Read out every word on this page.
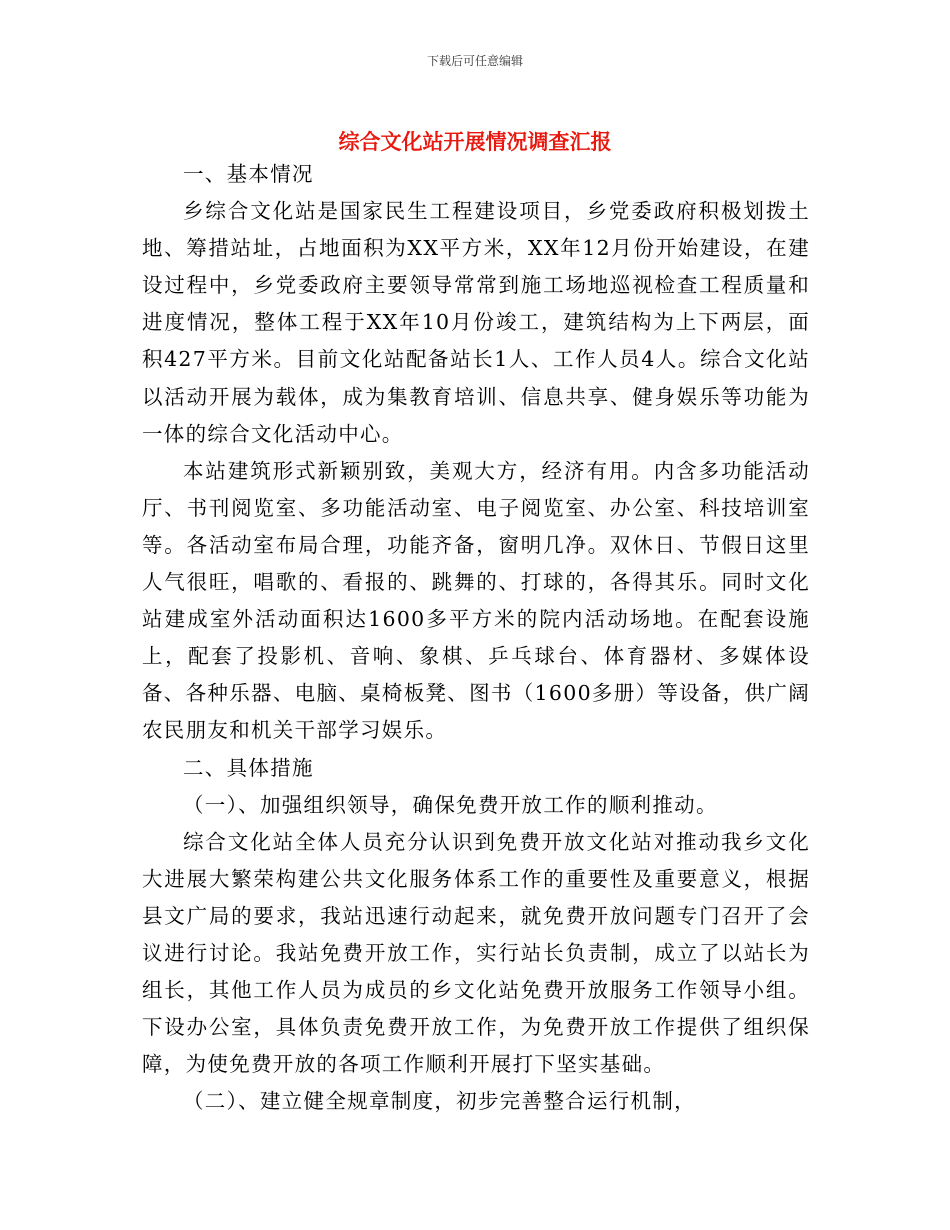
下载后可任意编辑
综合文化站开展情况调查汇报

一、基本情况

乡综合文化站是国家民生工程建设项目，乡党委政府积极划拨土地、筹措站址，占地面积为XX平方米，XX年12月份开始建设，在建设过程中，乡党委政府主要领导常常到施工场地巡视检查工程质量和进度情况，整体工程于XX年10月份竣工，建筑结构为上下两层，面积427平方米。目前文化站配备站长1人、工作人员4人。综合文化站以活动开展为载体，成为集教育培训、信息共享、健身娱乐等功能为一体的综合文化活动中心。

本站建筑形式新颖别致，美观大方，经济有用。内含多功能活动厅、书刊阅览室、多功能活动室、电子阅览室、办公室、科技培训室等。各活动室布局合理，功能齐备，窗明几净。双休日、节假日这里人气很旺，唱歌的、看报的、跳舞的、打球的，各得其乐。同时文化站建成室外活动面积达1600多平方米的院内活动场地。在配套设施上，配套了投影机、音响、象棋、乒乓球台、体育器材、多媒体设备、各种乐器、电脑、桌椅板凳、图书（1600多册）等设备，供广阔农民朋友和机关干部学习娱乐。

二、具体措施

（一）、加强组织领导，确保免费开放工作的顺利推动。

综合文化站全体人员充分认识到免费开放文化站对推动我乡文化大进展大繁荣构建公共文化服务体系工作的重要性及重要意义，根据县文广局的要求，我站迅速行动起来，就免费开放问题专门召开了会议进行讨论。我站免费开放工作，实行站长负责制，成立了以站长为组长，其他工作人员为成员的乡文化站免费开放服务工作领导小组。下设办公室，具体负责免费开放工作，为免费开放工作提供了组织保障，为使免费开放的各项工作顺利开展打下坚实基础。

（二）、建立健全规章制度，初步完善整合运行机制，
